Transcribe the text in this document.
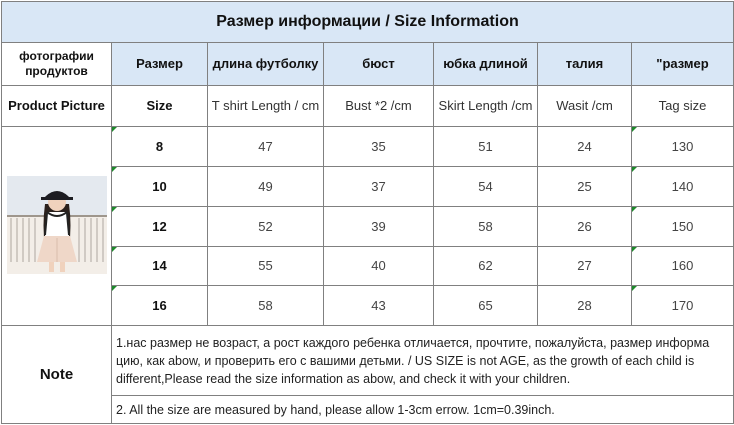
Размер информации / Size Information						
фотографии продуктов	Размер	длина футболку	бюст	юбка длиной	талия	"размер
Product Picture	Size	T shirt Length / cm	Bust *2 /cm	Skirt Length /cm	Wasit /cm	Tag size
	8	47	35	51	24	130
	10	49	37	54	25	140
	12	52	39	58	26	150
	14	55	40	62	27	160
	16	58	43	65	28	170
Note	1.нас размер не возраст, а рост каждого ребенка отличается, прочтите, пожалуйста, размер информа цию, как abow, и проверить его с вашими детьми. / US SIZE is not AGE, as the growth of each child is different,Please read the size information as abow, and check it with your children.					
	2. All the size are measured by hand, please allow 1-3cm errow. 1cm=0.39inch.					
